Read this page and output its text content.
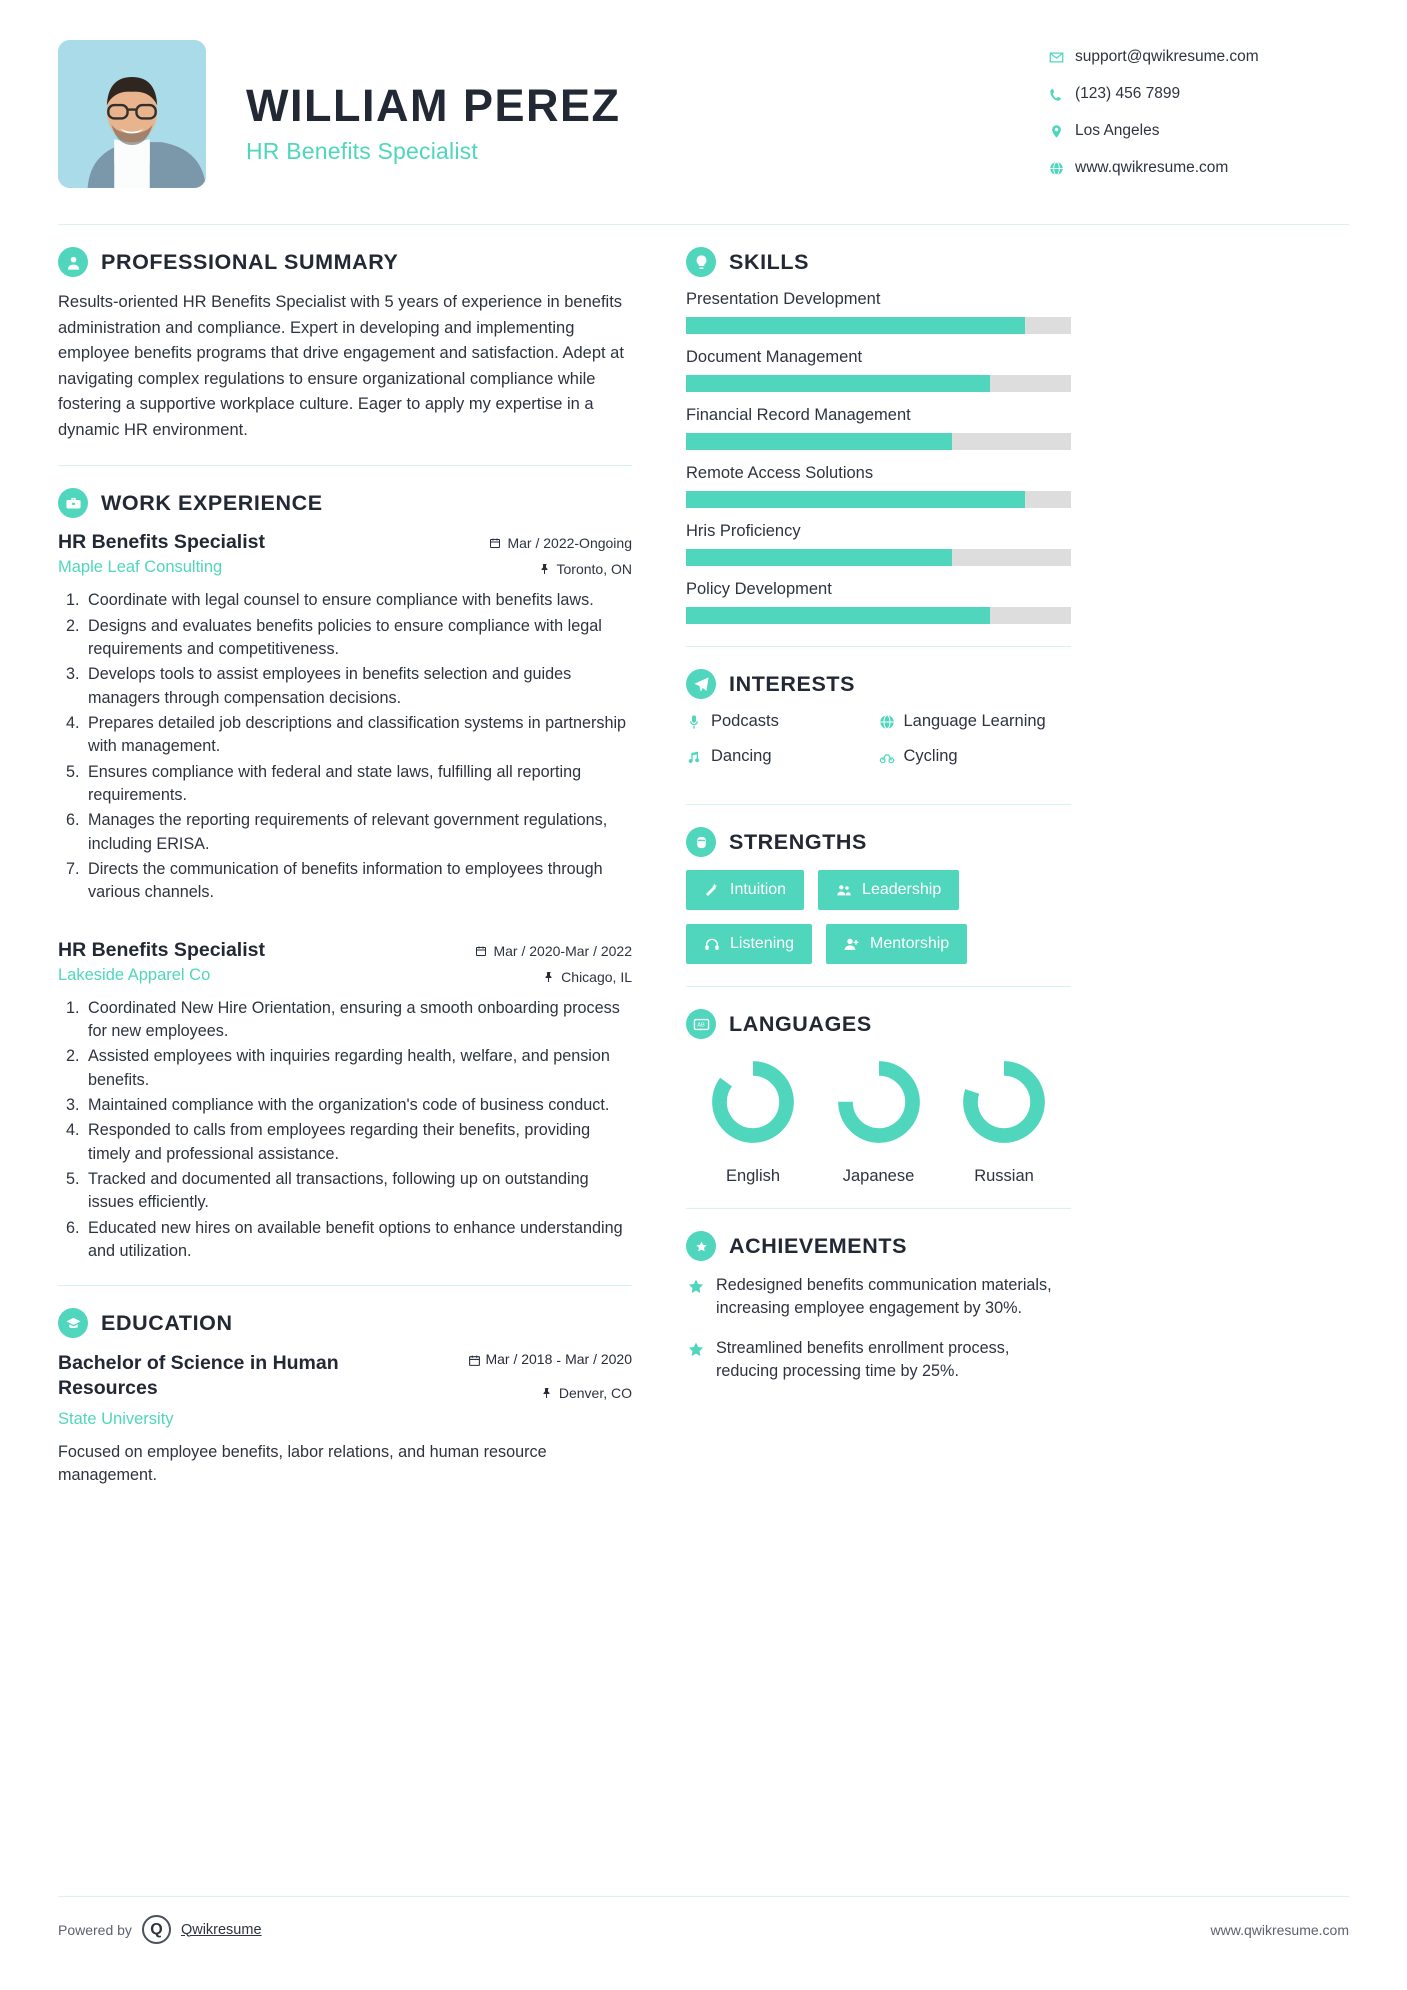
WILLIAM PEREZ
HR Benefits Specialist
support@qwikresume.com
(123) 456 7899
Los Angeles
www.qwikresume.com
PROFESSIONAL SUMMARY
Results-oriented HR Benefits Specialist with 5 years of experience in benefits administration and compliance. Expert in developing and implementing employee benefits programs that drive engagement and satisfaction. Adept at navigating complex regulations to ensure organizational compliance while fostering a supportive workplace culture. Eager to apply my expertise in a dynamic HR environment.
WORK EXPERIENCE
HR Benefits Specialist
Maple Leaf Consulting
Mar / 2022-Ongoing
Toronto, ON
1. Coordinate with legal counsel to ensure compliance with benefits laws.
2. Designs and evaluates benefits policies to ensure compliance with legal requirements and competitiveness.
3. Develops tools to assist employees in benefits selection and guides managers through compensation decisions.
4. Prepares detailed job descriptions and classification systems in partnership with management.
5. Ensures compliance with federal and state laws, fulfilling all reporting requirements.
6. Manages the reporting requirements of relevant government regulations, including ERISA.
7. Directs the communication of benefits information to employees through various channels.
HR Benefits Specialist
Lakeside Apparel Co
Mar / 2020-Mar / 2022
Chicago, IL
1. Coordinated New Hire Orientation, ensuring a smooth onboarding process for new employees.
2. Assisted employees with inquiries regarding health, welfare, and pension benefits.
3. Maintained compliance with the organization's code of business conduct.
4. Responded to calls from employees regarding their benefits, providing timely and professional assistance.
5. Tracked and documented all transactions, following up on outstanding issues efficiently.
6. Educated new hires on available benefit options to enhance understanding and utilization.
EDUCATION
Bachelor of Science in Human Resources
State University
Mar / 2018 - Mar / 2020
Denver, CO
Focused on employee benefits, labor relations, and human resource management.
SKILLS
Presentation Development
Document Management
Financial Record Management
Remote Access Solutions
Hris Proficiency
Policy Development
INTERESTS
Podcasts	Language Learning
Dancing	Cycling
STRENGTHS
Intuition	Leadership
Listening	Mentorship
AB LANGUAGES
English	Japanese	Russian
ACHIEVEMENTS
Redesigned benefits communication materials, increasing employee engagement by 30%.
Streamlined benefits enrollment process, reducing processing time by 25%.
Powered by	Q	Qwikresume	www.qwikresume.com
